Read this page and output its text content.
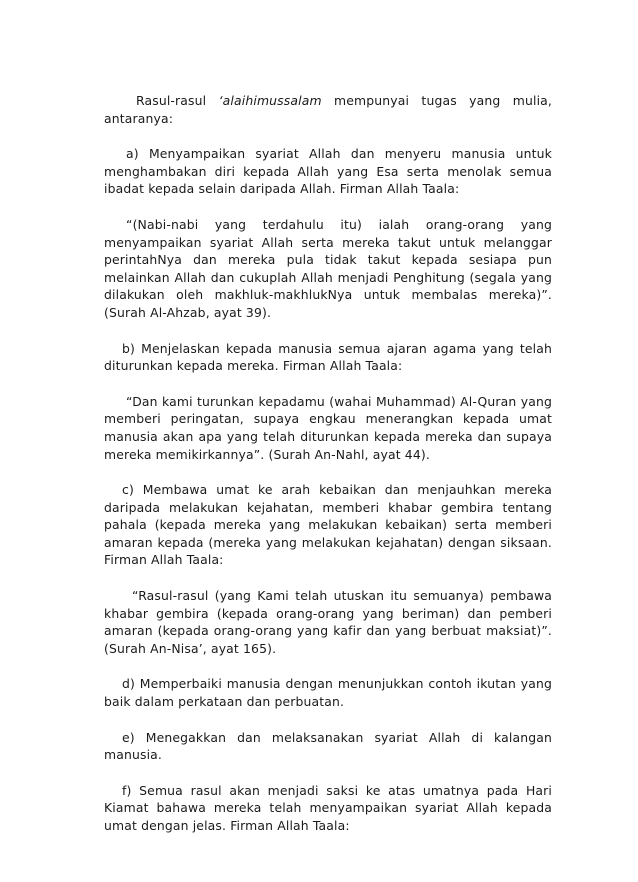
Rasul-rasul ‘alaihimussalam mempunyai tugas yang mulia, antaranya:

a) Menyampaikan syariat Allah dan menyeru manusia untuk menghambakan diri kepada Allah yang Esa serta menolak semua ibadat kepada selain daripada Allah. Firman Allah Taala:

“(Nabi-nabi yang terdahulu itu) ialah orang-orang yang menyampaikan syariat Allah serta mereka takut untuk melanggar perintahNya dan mereka pula tidak takut kepada sesiapa pun melainkan Allah dan cukuplah Allah menjadi Penghitung (segala yang dilakukan oleh makhluk-makhlukNya untuk membalas mereka)”. (Surah Al-Ahzab, ayat 39).

b) Menjelaskan kepada manusia semua ajaran agama yang telah diturunkan kepada mereka. Firman Allah Taala:

“Dan kami turunkan kepadamu (wahai Muhammad) Al-Quran yang memberi peringatan, supaya engkau menerangkan kepada umat manusia akan apa yang telah diturunkan kepada mereka dan supaya mereka memikirkannya”. (Surah An-Nahl, ayat 44).

c) Membawa umat ke arah kebaikan dan menjauhkan mereka daripada melakukan kejahatan, memberi khabar gembira tentang pahala (kepada mereka yang melakukan kebaikan) serta memberi amaran kepada (mereka yang melakukan kejahatan) dengan siksaan. Firman Allah Taala:

“Rasul-rasul (yang Kami telah utuskan itu semuanya) pembawa khabar gembira (kepada orang-orang yang beriman) dan pemberi amaran (kepada orang-orang yang kafir dan yang berbuat maksiat)”. (Surah An-Nisa’, ayat 165).

d) Memperbaiki manusia dengan menunjukkan contoh ikutan yang baik dalam perkataan dan perbuatan.

e) Menegakkan dan melaksanakan syariat Allah di kalangan manusia.

f) Semua rasul akan menjadi saksi ke atas umatnya pada Hari Kiamat bahawa mereka telah menyampaikan syariat Allah kepada umat dengan jelas. Firman Allah Taala:
